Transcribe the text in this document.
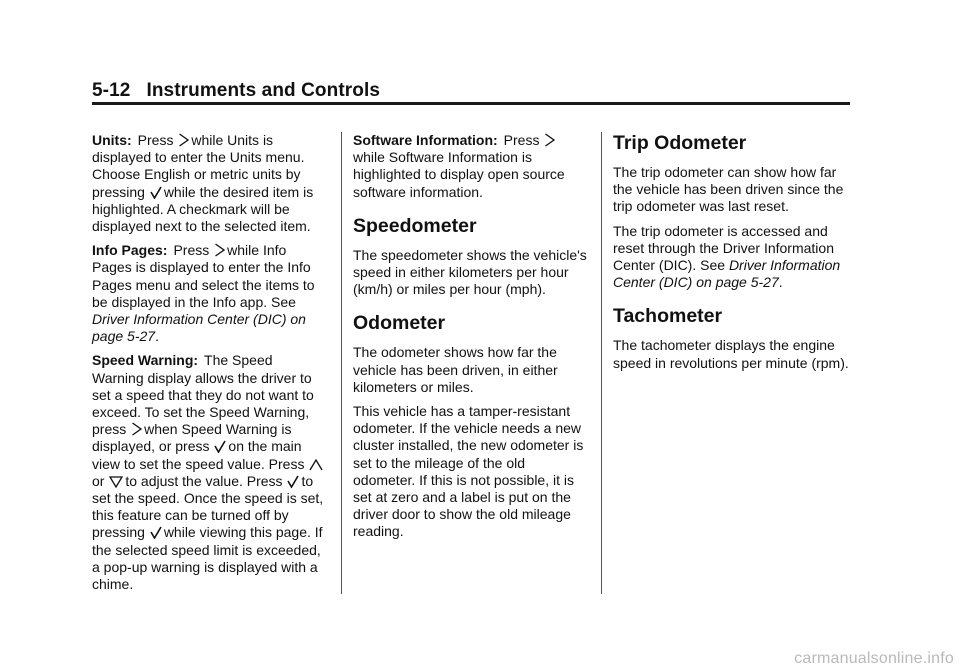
5-12 Instruments and Controls

Units: Press while Units is displayed to enter the Units menu. Choose English or metric units by pressing while the desired item is highlighted. A checkmark will be displayed next to the selected item.

Info Pages: Press while Info Pages is displayed to enter the Info Pages menu and select the items to be displayed in the Info app. See Driver Information Center (DIC) on page 5-27.

Speed Warning: The Speed Warning display allows the driver to set a speed that they do not want to exceed. To set the Speed Warning, press when Speed Warning is displayed, or press on the main view to set the speed value. Press
or to adjust the value. Press to set the speed. Once the speed is set, this feature can be turned off by pressing while viewing this page. If the selected speed limit is exceeded, a pop-up warning is displayed with a chime.

Software Information: Press
while Software Information is highlighted to display open source software information.

Speedometer

The speedometer shows the vehicle's speed in either kilometers per hour (km/h) or miles per hour (mph).

Odometer

The odometer shows how far the vehicle has been driven, in either kilometers or miles.

This vehicle has a tamper-resistant odometer. If the vehicle needs a new cluster installed, the new odometer is set to the mileage of the old odometer. If this is not possible, it is set at zero and a label is put on the driver door to show the old mileage reading.

Trip Odometer

The trip odometer can show how far the vehicle has been driven since the trip odometer was last reset.

The trip odometer is accessed and reset through the Driver Information Center (DIC). See Driver Information Center (DIC) on page 5-27.

Tachometer

The tachometer displays the engine speed in revolutions per minute (rpm).

carmanualsonline.info
